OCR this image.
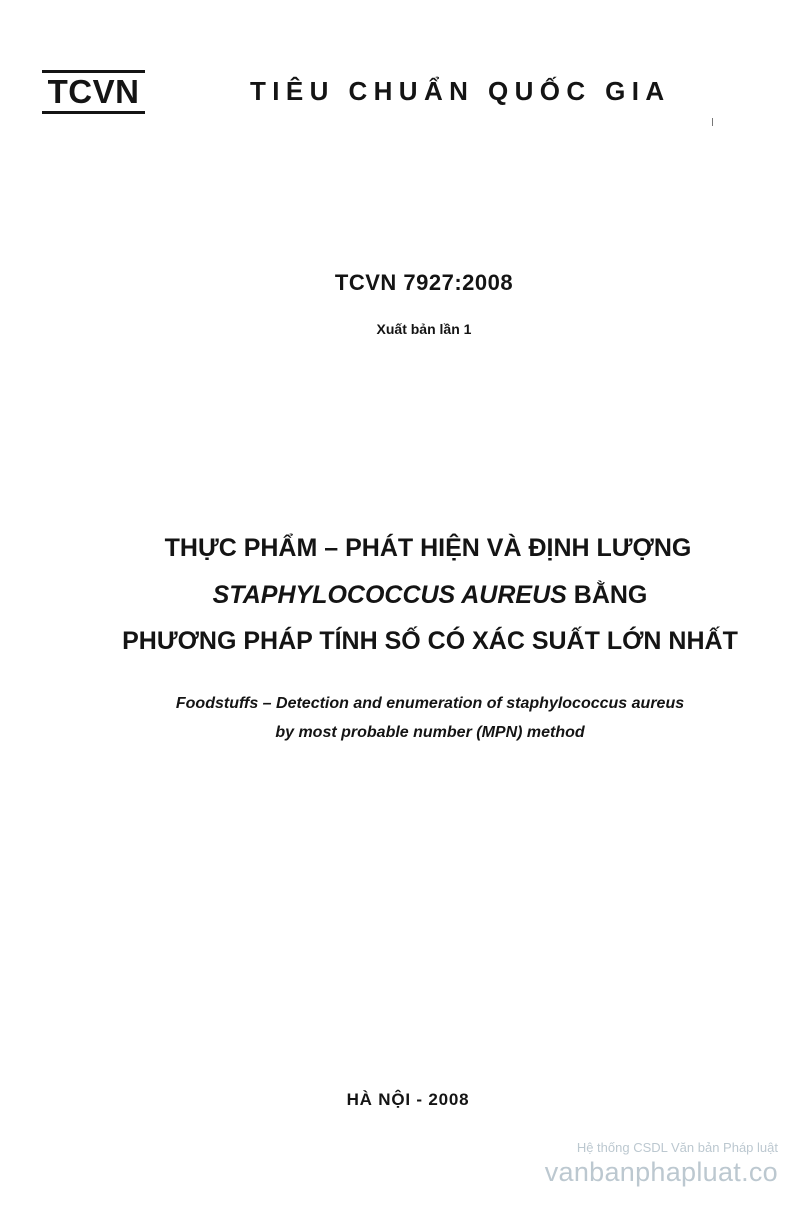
TCVN	TIÊU CHUẨN QUỐC GIA
TCVN 7927:2008
Xuất bản lần 1
THỰC PHẨM – PHÁT HIỆN VÀ ĐỊNH LƯỢNG
STAPHYLOCOCCUS AUREUS BẰNG
PHƯƠNG PHÁP TÍNH SỐ CÓ XÁC SUẤT LỚN NHẤT
Foodstuffs – Detection and enumeration of staphylococcus aureus
by most probable number (MPN) method
HÀ NỘI - 2008
Hệ thống CSDL Văn bản Pháp luật
vanbanphapluat.co
